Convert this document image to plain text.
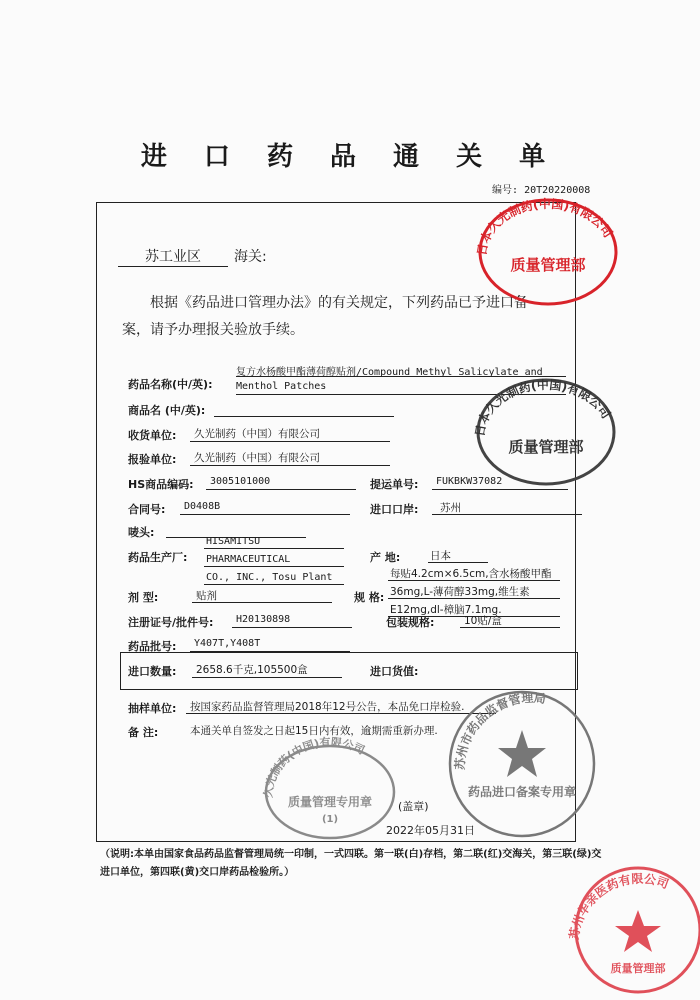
进 口 药 品 通 关 单
编号: 20T20220008
苏工业区 海关:
根据《药品进口管理办法》的有关规定，下列药品已予进口备案，请予办理报关验放手续。
药品名称(中/英):
复方水杨酸甲酯薄荷醇贴剂/Compound Methyl Salicylate and
Menthol Patches
商品名 (中/英):
收货单位: 久光制药（中国）有限公司
报验单位: 久光制药（中国）有限公司
HS商品编码: 3005101000	提运单号: FUKBKW37082
合同号: D0408B	进口口岸: 苏州
唛头:
药品生产厂:
HISAMITSU
PHARMACEUTICAL
CO., INC., Tosu Plant
产 地:	日本
剂 型:	贴剂	规 格:
每贴4.2cm×6.5cm,含水杨酸甲酯
36mg,L-薄荷醇33mg,维生素
E12mg,dl-樟脑7.1mg.
注册证号/批件号: H20130898	包装规格:	10贴/盒
药品批号: Y407T,Y408T
进口数量: 2658.6千克,105500盒	进口货值:
抽样单位: 按国家药品监督管理局2018年12号公告，本品免口岸检验.
备 注:	本通关单自签发之日起15日内有效，逾期需重新办理.
(盖章)
2022年05月31日
（说明:本单由国家食品药品监督管理局统一印制，一式四联。第一联(白)存档，第二联(红)交海关，第三联(绿)交进口单位，第四联(黄)交口岸药品检验所。）
日本久光制药(中国)有限公司
质量管理部
日本久光制药(中国)有限公司
质量管理部
久光制药(中国)有限公司
质量管理专用章
(1)
苏州市药品监督管理局
药品进口备案专用章
苏州华亲医药有限公司
质量管理部
